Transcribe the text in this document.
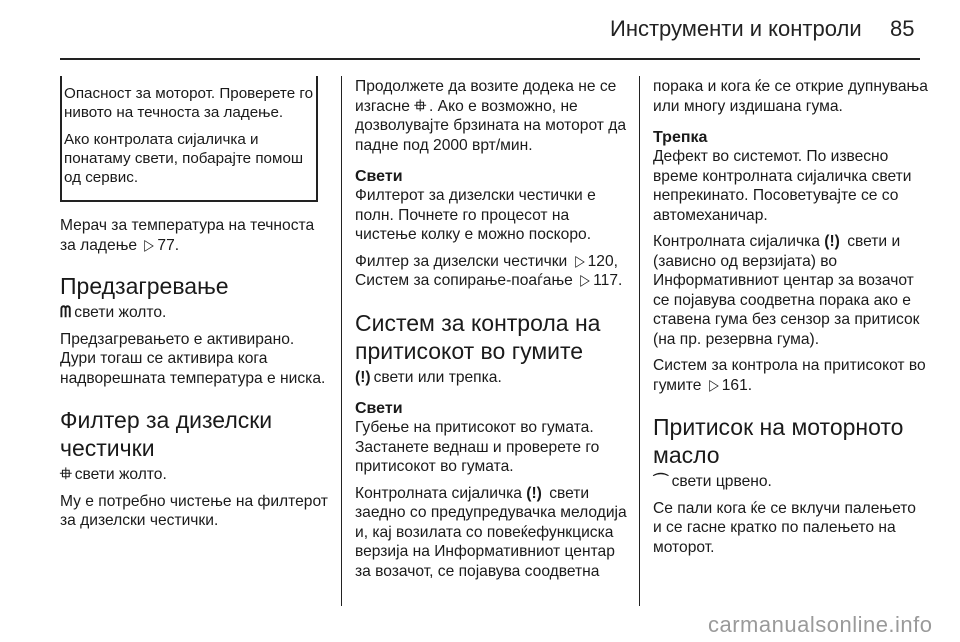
Инструменти и контроли 85

Опасност за моторот. Проверете го нивото на течноста за ладење.

Ако контролата сијаличка и понатаму свети, побарајте помош од сервис.

Мерач за температура на течноста за ладење ▷ 77.

Предзагревање

ᗰ свети жолто.

Предзагревањето е активирано. Дури тогаш се активира кога надворешната температура е ниска.

Филтер за дизелски честички

⯐ свети жолто.

Му е потребно чистење на филтерот за дизелски честички.

Продолжете да возите додека не се изгасне ⯐ . Ако е возможно, не дозволувајте брзината на моторот да падне под 2000 врт/мин.

Свети

Филтерот за дизелски честички е полн. Почнете го процесот на чистење колку е можно поскоро.

Филтер за дизелски честички ▷ 120, Систем за сопирање-поаѓање ▷ 117.

Систем за контрола на притисокот во гумите

(!) свети или трепка.

Свети

Губење на притисокот во гумата. Застанете веднаш и проверете го притисокот во гумата.

Контролната сијаличка (!) свети заедно со предупредувачка мелодија и, кај возилата со повеќефункциска верзија на Информативниот центар за возачот, се појавува соодветна

порака и кога ќе се открие дупнувања или многу издишана гума.

Трепка

Дефект во системот. По извесно време контролната сијаличка свети непрекинато. Посоветувајте се со автомеханичар.

Контролната сијаличка (!) свети и (зависно од верзијата) во Информативниот центар за возачот се појавува соодветна порака ако е ставена гума без сензор за притисок (на пр. резервна гума).

Систем за контрола на притисокот во гумите ▷ 161.

Притисок на моторното масло

⌒ свети црвено.

Се пали кога ќе се вклучи палењето и се гасне кратко по палењето на моторот.

carmanualsonline.info
